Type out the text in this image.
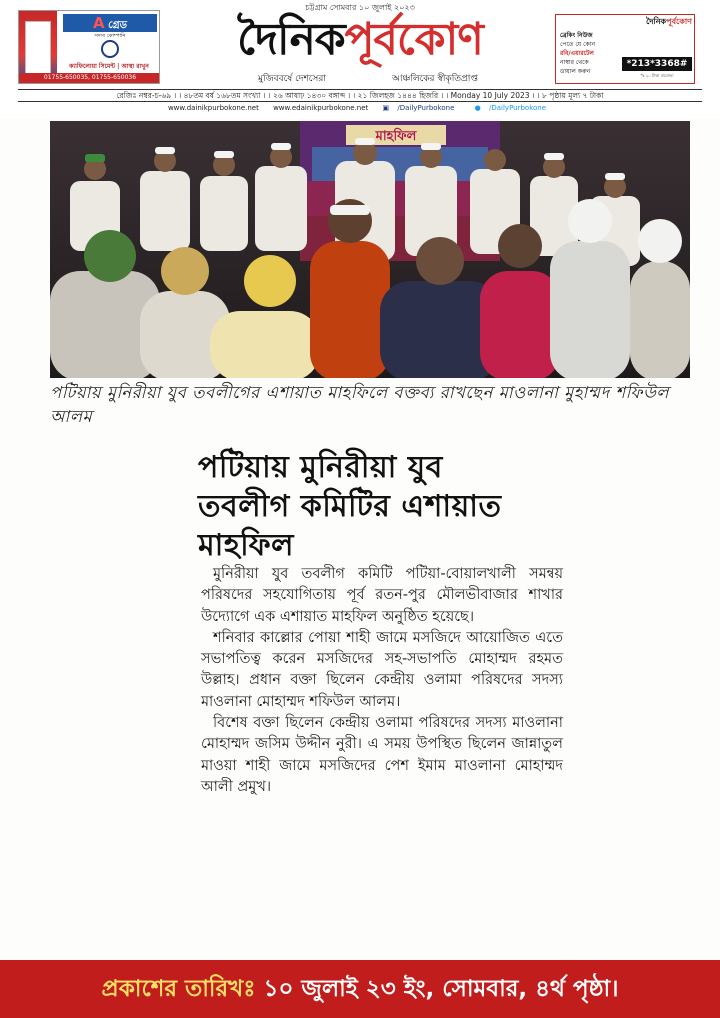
চট্টগ্রাম সোমবার ১০ জুলাই ২০২৩
A গ্রেড
সদস্য কোম্পানি
ক্যাফিলোয়া সিমেন্ট | আস্থা রাখুন
01755-650035, 01755-650036
দৈনিকপূর্বকোণ
মুজিববর্ষে দেশসেরা	আঞ্চলিকের স্বীকৃতিপ্রাপ্ত
দৈনিকপূর্বকোণ
ব্রেকিং নিউজ
পেতে যে কোন
রবি/এয়ারটেল
নাম্বার থেকে
ডায়াল করুন
*213*3368#
*৳ ২০ টাকা প্রযোজ্য
রেজিঃ নম্বর-চ-৬৯ । । ৪৮তম বর্ষ ১৬৮তম সংখ্যা । । ২৬ আষাঢ় ১৪৩০ বঙ্গাব্দ । । ২১ জিলহজ ১৪৪৪ হিজরি । । Monday 10 July 2023 । । ৮ পৃষ্ঠায় মূল্য ৭ টাকা
www.dainikpurbokone.net www.edainikpurbokone.net ▣ /DailyPurbokone	● /DailyPurbokone
মাহফিল
পটিয়ায় মুনিরীয়া যুব তবলীগের এশায়াত মাহফিলে বক্তব্য রাখছেন মাওলানা মুহাম্মদ শফিউল আলম
পটিয়ায় মুনিরীয়া যুব তবলীগ কমিটির এশায়াত মাহফিল

মুনিরীয়া যুব তবলীগ কমিটি পটিয়া-বোয়ালখালী সমন্বয় পরিষদের সহযোগিতায় পূর্ব রতন-পুর মৌলভীবাজার শাখার উদ্যোগে এক এশায়াত মাহফিল অনুষ্ঠিত হয়েছে।

শনিবার কাল্লোর পোয়া শাহী জামে মসজিদে আয়োজিত এতে সভাপতিত্ব করেন মসজিদের সহ-সভাপতি মোহাম্মদ রহমত উল্লাহ। প্রধান বক্তা ছিলেন কেন্দ্রীয় ওলামা পরিষদের সদস্য মাওলানা মোহাম্মদ শফিউল আলম।

বিশেষ বক্তা ছিলেন কেন্দ্রীয় ওলামা পরিষদের সদস্য মাওলানা মোহাম্মদ জসিম উদ্দীন নুরী। এ সময় উপস্থিত ছিলেন জান্নাতুল মাওয়া শাহী জামে মসজিদের পেশ ইমাম মাওলানা মোহাম্মদ আলী প্রমুখ।

প্রকাশের তারিখঃ ১০ জুলাই ২৩ ইং, সোমবার, ৪র্থ পৃষ্ঠা।
